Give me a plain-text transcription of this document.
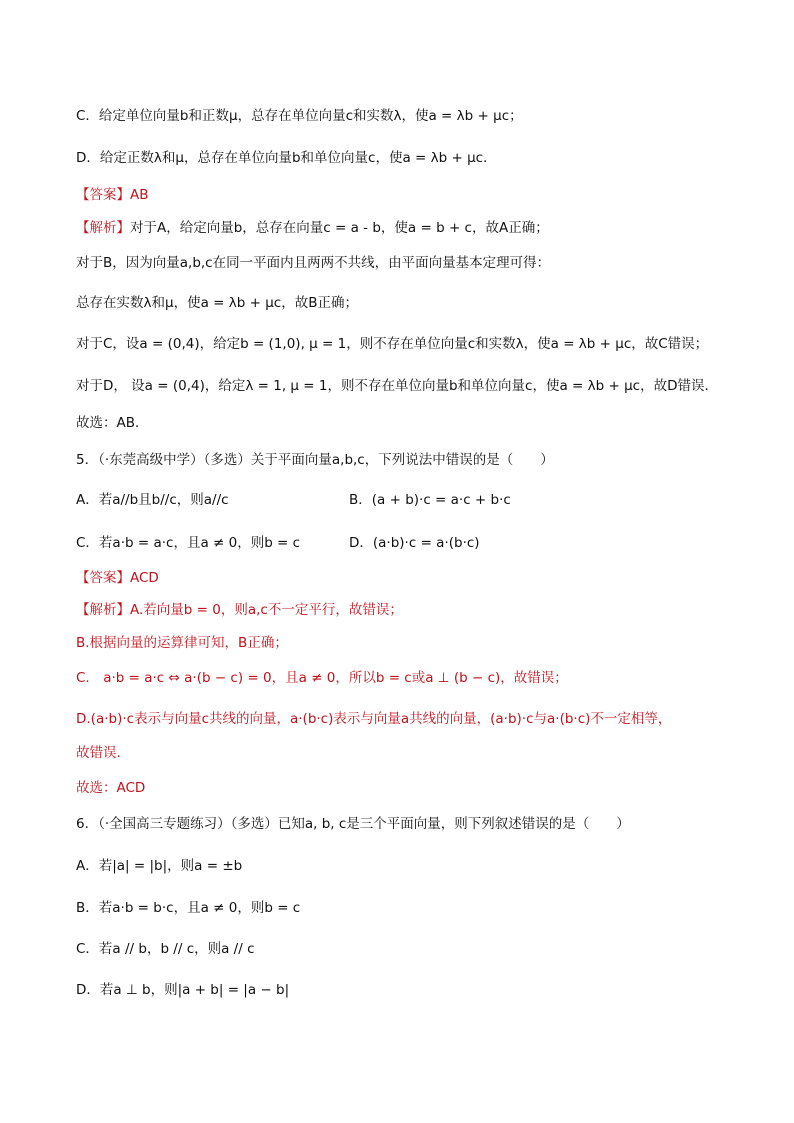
C．给定单位向量b和正数μ，总存在单位向量c和实数λ，使a = λb + μc；
D．给定正数λ和μ，总存在单位向量b和单位向量c，使a = λb + μc．
【答案】AB
【解析】对于A，给定向量b，总存在向量c = a - b，使a = b + c，故A正确；
对于B，因为向量a,b,c在同一平面内且两两不共线，由平面向量基本定理可得：
总存在实数λ和μ，使a = λb + μc，故B正确；
对于C，设a = (0,4)，给定b = (1,0), μ = 1，则不存在单位向量c和实数λ，使a = λb + μc，故C错误；
对于D， 设a = (0,4)，给定λ = 1, μ = 1，则不存在单位向量b和单位向量c，使a = λb + μc，故D错误．
故选：AB．
5．（·东莞高级中学）（多选）关于平面向量a,b,c，下列说法中错误的是（　　）
A．若a//b且b//c，则a//c	B．(a + b)·c = a·c + b·c
C．若a·b = a·c，且a ≠ 0，则b = c	D．(a·b)·c = a·(b·c)
【答案】ACD
【解析】A.若向量b = 0，则a,c不一定平行，故错误；
B.根据向量的运算律可知，B正确；
C.　a·b = a·c ⇔ a·(b − c) = 0，且a ≠ 0，所以b = c或a ⊥ (b − c)，故错误；
D.(a·b)·c表示与向量c共线的向量，a·(b·c)表示与向量a共线的向量，(a·b)·c与a·(b·c)不一定相等，
故错误.
故选：ACD
6．（·全国高三专题练习）（多选）已知a, b, c是三个平面向量，则下列叙述错误的是（　　）
A．若|a| = |b|，则a = ±b
B．若a·b = b·c，且a ≠ 0，则b = c
C．若a // b，b // c，则a // c
D．若a ⊥ b，则|a + b| = |a − b|
